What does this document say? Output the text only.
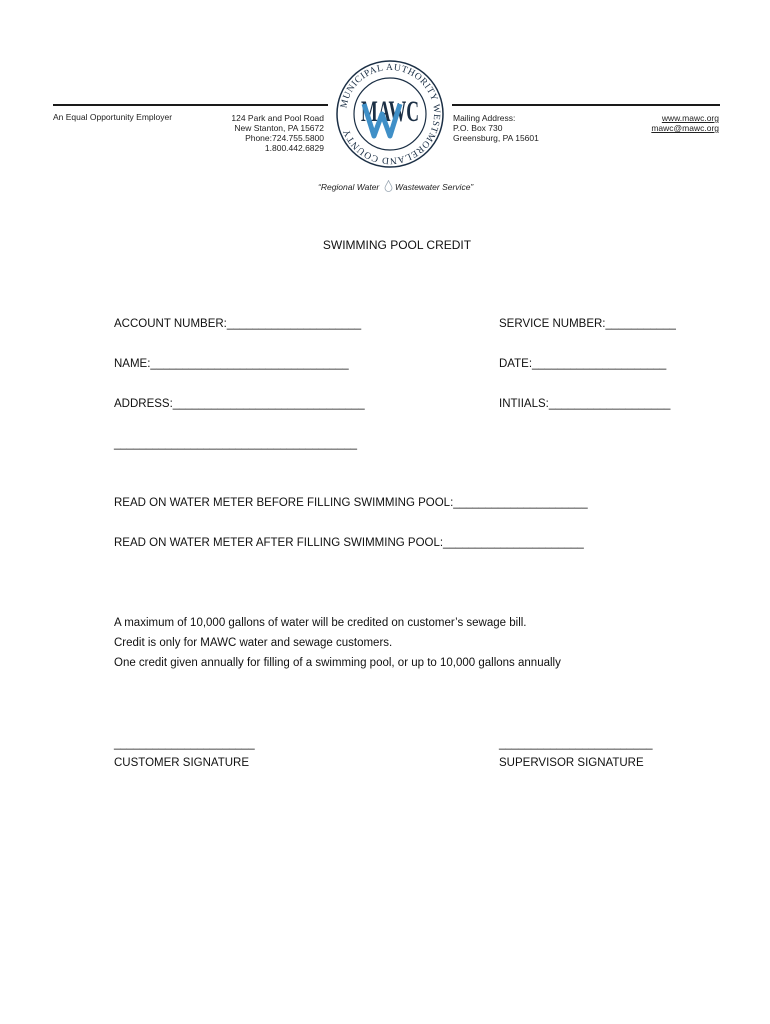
An Equal Opportunity Employer	124 Park and Pool Road
New Stanton, PA 15672
Phone:724.755.5800
1.800.442.6829
Mailing Address:
P.O. Box 730
Greensburg, PA 15601
www.mawc.org
mawc@mawc.org
MUNICIPAL AUTHORITY WESTMORELAND COUNTY
MAWC
“Regional Water Wastewater Service”
SWIMMING POOL CREDIT
ACCOUNT NUMBER:_____________________	SERVICE NUMBER:___________
NAME:_______________________________	DATE:_____________________
ADDRESS:______________________________	INTIIALS:___________________
______________________________________
READ ON WATER METER BEFORE FILLING SWIMMING POOL:_____________________
READ ON WATER METER AFTER FILLING SWIMMING POOL:______________________
A maximum of 10,000 gallons of water will be credited on customer’s sewage bill.
Credit is only for MAWC water and sewage customers.
One credit given annually for filling of a swimming pool, or up to 10,000 gallons annually
______________________
CUSTOMER SIGNATURE
________________________
SUPERVISOR SIGNATURE
